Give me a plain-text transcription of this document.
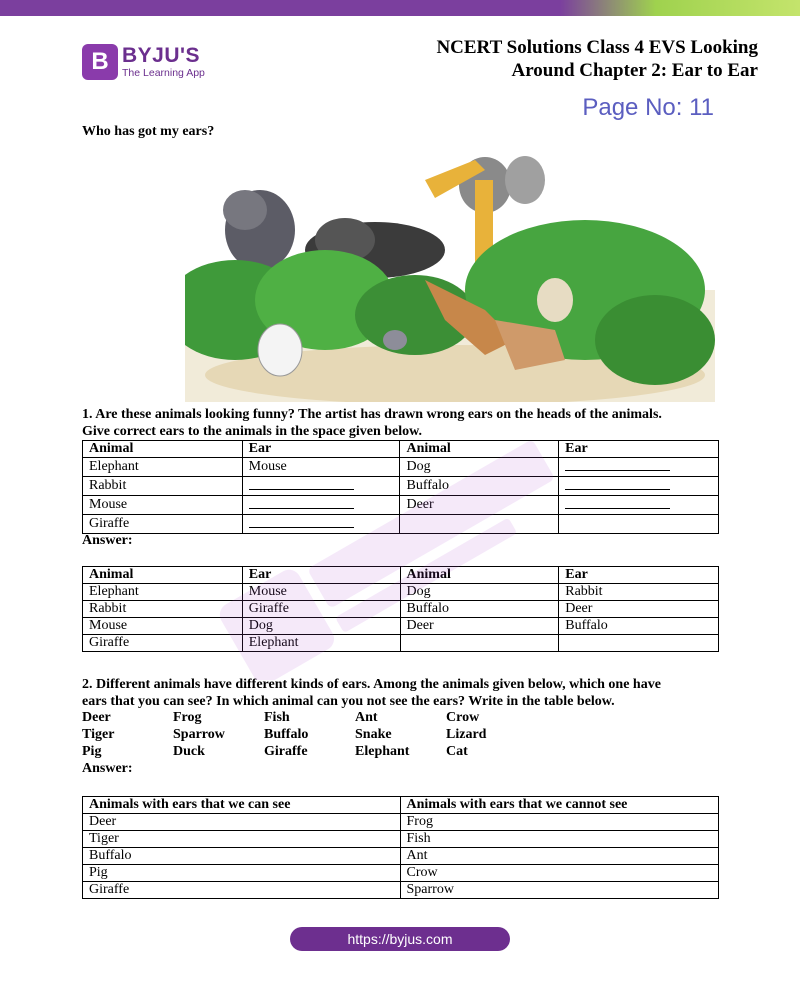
B BYJU'S
The Learning App
NCERT Solutions Class 4 EVS Looking
Around Chapter 2: Ear to Ear
Page No: 11
Who has got my ears?
1. Are these animals looking funny? The artist has drawn wrong ears on the heads of the animals.
Give correct ears to the animals in the space given below.
Animal	Ear	Animal	Ear
Elephant	Mouse	Dog	
Rabbit		Buffalo	
Mouse		Deer	
Giraffe			
Answer:
Animal	Ear	Animal	Ear
Elephant	Mouse	Dog	Rabbit
Rabbit	Giraffe	Buffalo	Deer
Mouse	Dog	Deer	Buffalo
Giraffe	Elephant		
2. Different animals have different kinds of ears. Among the animals given below, which one have
ears that you can see? In which animal can you not see the ears? Write in the table below.
Deer	Frog	Fish	Ant	Crow
Tiger	Sparrow	Buffalo	Snake	Lizard
Pig	Duck	Giraffe	Elephant	Cat
Answer:
Animals with ears that we can see	Animals with ears that we cannot see
Deer	Frog
Tiger	Fish
Buffalo	Ant
Pig	Crow
Giraffe	Sparrow
https://byjus.com
